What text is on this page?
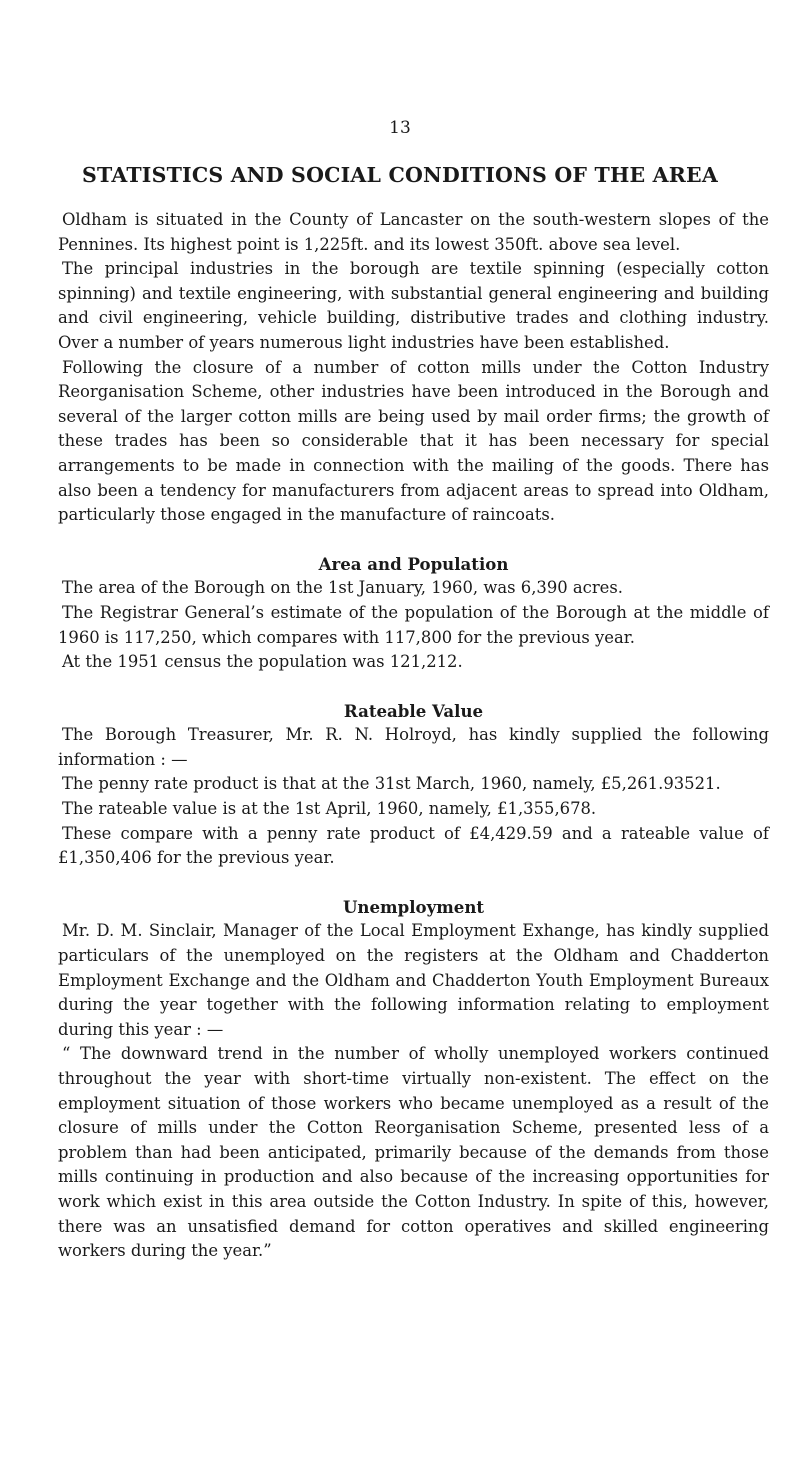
13
STATISTICS AND SOCIAL CONDITIONS OF THE AREA

Oldham is situated in the County of Lancaster on the south-western slopes of the Pennines. Its highest point is 1,225ft. and its lowest 350ft. above sea level.

The principal industries in the borough are textile spinning (especially cotton spinning) and textile engineering, with substantial general engineering and building and civil engineering, vehicle building, distributive trades and clothing industry. Over a number of years numerous light industries have been established.

Following the closure of a number of cotton mills under the Cotton Industry Reorganisation Scheme, other industries have been introduced in the Borough and several of the larger cotton mills are being used by mail order firms; the growth of these trades has been so considerable that it has been necessary for special arrangements to be made in connection with the mailing of the goods. There has also been a tendency for manufacturers from adjacent areas to spread into Oldham, particularly those engaged in the manufacture of raincoats.

Area and Population

The area of the Borough on the 1st January, 1960, was 6,390 acres.

The Registrar General’s estimate of the population of the Borough at the middle of 1960 is 117,250, which compares with 117,800 for the previous year.

At the 1951 census the population was 121,212.

Rateable Value

The Borough Treasurer, Mr. R. N. Holroyd, has kindly supplied the following information : —

The penny rate product is that at the 31st March, 1960, namely, £5,261.93521.

The rateable value is at the 1st April, 1960, namely, £1,355,678.

These compare with a penny rate product of £4,429.59 and a rateable value of £1,350,406 for the previous year.

Unemployment

Mr. D. M. Sinclair, Manager of the Local Employment Exhange, has kindly supplied particulars of the unemployed on the registers at the Oldham and Chadderton Employment Exchange and the Oldham and Chadderton Youth Employment Bureaux during the year together with the following information relating to employment during this year : —

“ The downward trend in the number of wholly unemployed workers continued throughout the year with short-time virtually non-existent. The effect on the employment situation of those workers who became unemployed as a result of the closure of mills under the Cotton Reorganisation Scheme, presented less of a problem than had been anticipated, primarily because of the demands from those mills continuing in production and also because of the increasing opportunities for work which exist in this area outside the Cotton Industry. In spite of this, however, there was an unsatisfied demand for cotton operatives and skilled engineering workers during the year.”
